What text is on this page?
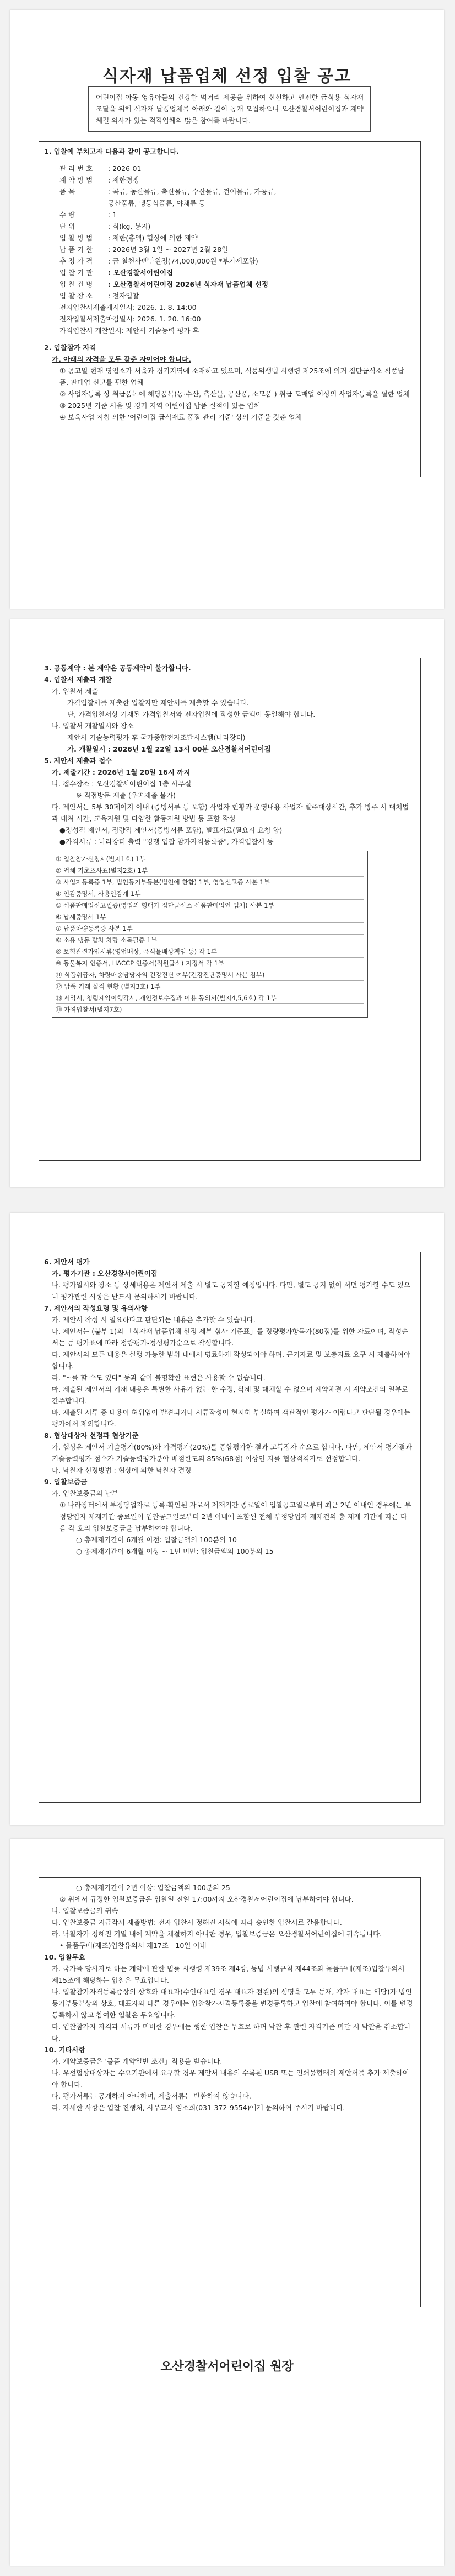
식자재 납품업체 선정 입찰 공고
어린이집 아동 영유아들의 건강한 먹거리 제공을 위하여 신선하고 안전한 급식용 식자재 조달을 위해 식자재 납품업체를 아래와 같이 공개 모집하오니 오산경찰서어린이집과 계약 체결 의사가 있는 적격업체의 많은 참여를 바랍니다.

1. 입찰에 부치고자 다음과 같이 공고합니다.

관 리 번 호	: 2026-01
계 약 방 법	: 제한경쟁
품 목	: 곡류, 농산물류, 축산물류, 수산물류, 건어물류, 가공류,
공산품류, 냉동식품류, 야채류 등
수 량	: 1
단 위	: 식(kg, 봉지)
입 찰 방 법	: 제한(총액) 협상에 의한 계약
납 품 기 한	: 2026년 3월 1일 ~ 2027년 2월 28일
추 정 가 격	: 금 칠천사백만원정(74,000,000원 *부가세포함)
입 찰 기 관	: 오산경찰서어린이집
입 찰 건 명	: 오산경찰서어린이집 2026년 식자재 납품업체 선정
입 찰 장 소	: 전자입찰
전자입찰서제출개시일시 : 2026. 1. 8. 14:00
전자입찰서제출마감일시 : 2026. 1. 20. 16:00
가격입찰서 개찰일시 : 제안서 기술능력 평가 후

2. 입찰참가 자격

가. 아래의 자격을 모두 갖춘 자이어야 합니다.
① 공고일 현재 영업소가 서울과 경기지역에 소재하고 있으며, 식품위생법 시행령 제25조에 의거 집단급식소 식품납품, 판매업 신고를 필한 업체
② 사업자등록 상 취급품목에 해당품목(농·수산, 축산물, 공산품, 소모품 ) 취급 도매업 이상의 사업자등록을 필한 업체
③ 2025년 기준 서울 및 경기 지역 어린이집 납품 실적이 있는 업체
④ 보육사업 지침 의한 '어린이집 급식재료 품질 관리 기준' 상의 기준을 갖춘 업체

3. 공동계약 : 본 계약은 공동계약이 불가합니다.

4. 입찰서 제출과 개찰

가. 입찰서 제출
가격입찰서를 제출한 입찰자만 제안서를 제출할 수 있습니다.
단, 가격입찰서상 기재된 가격입찰서와 전자입찰에 작성한 금액이 동일해야 합니다.
나. 입찰서 개찰일시와 장소
제안서 기술능력평가 후 국가종합전자조달시스템(나라장터)
가. 개찰일시 : 2026년 1월 22일 13시 00분 오산경찰서어린이집

5. 제안서 제출과 접수

가. 제출기간 : 2026년 1월 20일 16시 까지
나. 접수장소 : 오산경찰서어린이집 1층 사무실
※ 직접방문 제출 (우편제출 불가)
다. 제안서는 5부 30페이지 이내 (증빙서류 등 포함) 사업자 현황과 운영내용 사업자 발주대상시간, 추가 방주 시 대처법과 대처 시간, 교육지원 및 다양한 활동지원 방법 등 포함 작성
●정성적 제안서, 정량적 제안서(증빙서류 포함), 발표자료(필요시 요청 함)
●가격서류 : 나라장터 출력 "경쟁 입찰 참가자격등록증", 가격입찰서 등
① 입찰참가신청서(별지1호) 1부
② 업체 기초조사표(별지2호) 1부
③ 사업자등록증 1부, 법인등기부등본(법인에 한함) 1부, 영업신고증 사본 1부
④ 인감증명서, 사용인감계 1부
⑤ 식품판매업신고필증(영업의 형태가 집단급식소 식품판매업인 업체) 사본 1부
⑥ 납세증명서 1부
⑦ 납품차량등록증 사본 1부
⑧ 소유 냉동 탑차 차량 소독필증 1부
⑨ 보험관련가입서류(영업배상, 음식물배상책임 등) 각 1부
⑩ 동물복지 인증서, HACCP 인증서(직원급식) 지정서 각 1부
⑪ 식품취급자, 차량배송담당자의 건강진단 여부(건강진단증명서 사본 첨부)
⑫ 납품 거래 실적 현황 (별지3호) 1부
⑬ 서약서, 청렴계약이행각서, 개인정보수집과 이용 동의서(별지4,5,6호) 각 1부
⑭ 가격입찰서(별지7호)

6. 제안서 평가

가. 평가기관 : 오산경찰서어린이집
나. 평가일시와 장소 등 상세내용은 제안서 제출 시 별도 공지할 예정입니다. 다만, 별도 공지 없이 서면 평가할 수도 있으니 평가관련 사항은 반드시 문의하시기 바랍니다.

7. 제안서의 작성요령 및 유의사항

가. 제안서 작성 시 필요하다고 판단되는 내용은 추가할 수 있습니다.
나. 제안서는 (붙부 1)의 「식자재 납품업체 선정 세부 심사 기준표」를 정량평가항목가(80점)를 위한 자료이며, 작성순서는 등 평가표에 따라 정량평가-정성평가순으로 작성합니다.
다. 제안서의 모든 내용은 실행 가능한 범위 내에서 명료하게 작성되어야 하며, 근거자료 및 보충자료 요구 시 제출하여야 합니다.
라. "~를 할 수도 있다" 등과 같이 불명확한 표현은 사용할 수 없습니다.
마. 제출된 제안서의 기재 내용은 특별한 사유가 없는 한 수정, 삭제 및 대체할 수 없으며 계약체결 시 계약조건의 일부로 간주합니다.
바. 제출된 서류 중 내용이 허위임이 발견되거나 서류작성이 현저히 부실하여 객관적인 평가가 어렵다고 판단될 경우에는 평가에서 제외합니다.

8. 협상대상자 선정과 협상기준

가. 협상은 제안서 기술평가(80%)와 가격평가(20%)를 종합평가한 결과 고득점자 순으로 합니다. 다만, 제안서 평가결과 기술능력평가 점수가 기술능력평가분야 배점한도의 85%(68점) 이상인 자를 협상적격자로 선정합니다.
나. 낙찰자 선정방법 : 협상에 의한 낙찰자 결정

9. 입찰보증금

가. 입찰보증금의 납부
① 나라장터에서 부정당업자로 등록·확인된 자로서 제재기간 종료일이 입찰공고일로부터 최근 2년 이내인 경우에는 부정당업자 제재기간 종료일이 입찰공고일로부터 2년 이내에 포함된 전체 부정당업자 제재건의 총 제재 기간에 따른 다음 각 호의 입찰보증금을 납부하여야 합니다.
○ 총제재기간이 6개월 이전: 입찰금액의 100분의 10
○ 총제재기간이 6개월 이상 ~ 1년 미만: 입찰금액의 100분의 15
○ 총제재기간이 2년 이상: 입찰금액의 100분의 25
② 위에서 규정한 입찰보증금은 입찰일 전일 17:00까지 오산경찰서어린이집에 납부하여야 합니다.
나. 입찰보증금의 귀속
다. 입찰보증금 지급각서 제출방법: 전자 입찰시 정해진 서식에 따라 승인한 입찰서로 갈음합니다.
라. 낙찰자가 정해진 기일 내에 계약을 체결하지 아니한 경우, 입찰보증금은 오산경찰서어린이집에 귀속됩니다.
• 물품구매(제조)입찰유의서 제17조 - 10일 이내

10. 입찰무효

가. 국가를 당사자로 하는 계약에 관한 법률 시행령 제39조 제4항, 동법 시행규칙 제44조와 물품구매(제조)입찰유의서 제15조에 해당하는 입찰은 무효입니다.
나. 입찰참가자격등록증상의 상호와 대표자(수인대표인 경우 대표자 전원)의 성명을 모두 등재, 각자 대표는 해당)가 법인등기부등본상의 상호, 대표자와 다른 경우에는 입찰참가자격등록증을 변경등록하고 입찰에 참여하여야 합니다. 이를 변경등록하지 않고 참여한 입찰은 무효입니다.
다. 입찰참가자 자격과 서류가 미비한 경우에는 행한 입찰은 무효로 하며 낙찰 후 관련 자격기준 미달 시 낙찰을 취소합니다.

10. 기타사항

가. 계약보증금은 '물품 계약일반 조건」적용을 받습니다.
나. 우선협상대상자는 수요기관에서 요구할 경우 제안서 내용의 수록된 USB 또는 인쇄물형태의 제안서를 추가 제출하여야 합니다.
다. 평가서류는 공개하지 아니하며, 제출서류는 반환하지 않습니다.
라. 자세한 사항은 입찰 진행처, 사무교사 임소희(031-372-9554)에게 문의하여 주시기 바랍니다.
오산경찰서어린이집 원장
